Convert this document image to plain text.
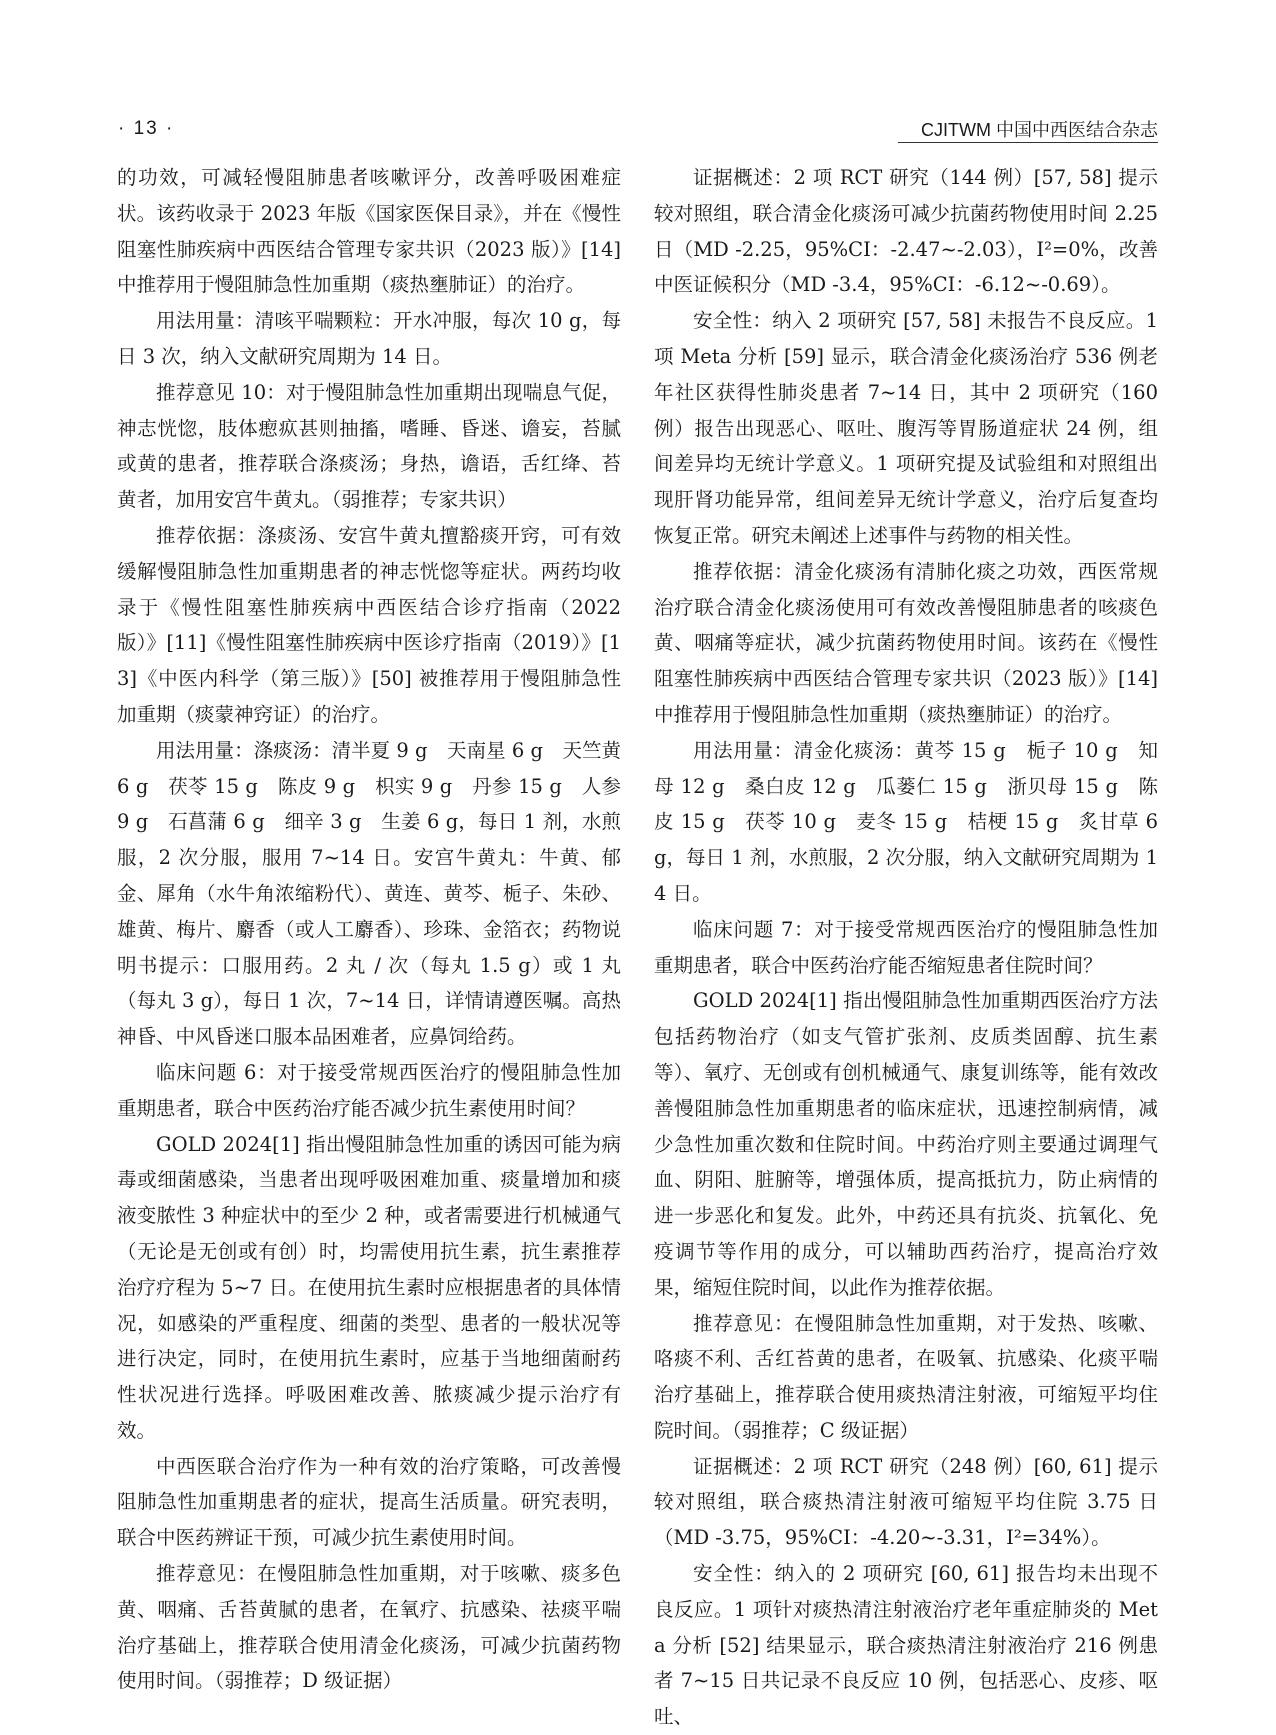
· 13 ·	CJITWM 中国中西医结合杂志

的功效，可减轻慢阻肺患者咳嗽评分，改善呼吸困难症状。该药收录于 2023 年版《国家医保目录》，并在《慢性阻塞性肺疾病中西医结合管理专家共识（2023 版）》[14] 中推荐用于慢阻肺急性加重期（痰热壅肺证）的治疗。

用法用量：清咳平喘颗粒：开水冲服，每次 10 g，每日 3 次，纳入文献研究周期为 14 日。

推荐意见 10：对于慢阻肺急性加重期出现喘息气促，神志恍惚，肢体瘛疭甚则抽搐，嗜睡、昏迷、谵妄，苔腻或黄的患者，推荐联合涤痰汤；身热，谵语，舌红绛、苔黄者，加用安宫牛黄丸。（弱推荐；专家共识）

推荐依据：涤痰汤、安宫牛黄丸擅豁痰开窍，可有效缓解慢阻肺急性加重期患者的神志恍惚等症状。两药均收录于《慢性阻塞性肺疾病中西医结合诊疗指南（2022 版）》[11]《慢性阻塞性肺疾病中医诊疗指南（2019）》[13]《中医内科学（第三版）》[50] 被推荐用于慢阻肺急性加重期（痰蒙神窍证）的治疗。

用法用量：涤痰汤：清半夏 9 g　天南星 6 g　天竺黄 6 g　茯苓 15 g　陈皮 9 g　枳实 9 g　丹参 15 g　人参 9 g　石菖蒲 6 g　细辛 3 g　生姜 6 g，每日 1 剂，水煎服，2 次分服，服用 7~14 日。安宫牛黄丸：牛黄、郁金、犀角（水牛角浓缩粉代）、黄连、黄芩、栀子、朱砂、雄黄、梅片、麝香（或人工麝香）、珍珠、金箔衣；药物说明书提示：口服用药。2 丸 / 次（每丸 1.5 g）或 1 丸（每丸 3 g），每日 1 次，7~14 日，详情请遵医嘱。高热神昏、中风昏迷口服本品困难者，应鼻饲给药。

临床问题 6：对于接受常规西医治疗的慢阻肺急性加重期患者，联合中医药治疗能否减少抗生素使用时间？

GOLD 2024[1] 指出慢阻肺急性加重的诱因可能为病毒或细菌感染，当患者出现呼吸困难加重、痰量增加和痰液变脓性 3 种症状中的至少 2 种，或者需要进行机械通气（无论是无创或有创）时，均需使用抗生素，抗生素推荐治疗疗程为 5~7 日。在使用抗生素时应根据患者的具体情况，如感染的严重程度、细菌的类型、患者的一般状况等进行决定，同时，在使用抗生素时，应基于当地细菌耐药性状况进行选择。呼吸困难改善、脓痰减少提示治疗有效。

中西医联合治疗作为一种有效的治疗策略，可改善慢阻肺急性加重期患者的症状，提高生活质量。研究表明，联合中医药辨证干预，可减少抗生素使用时间。

推荐意见：在慢阻肺急性加重期，对于咳嗽、痰多色黄、咽痛、舌苔黄腻的患者，在氧疗、抗感染、祛痰平喘治疗基础上，推荐联合使用清金化痰汤，可减少抗菌药物使用时间。（弱推荐；D 级证据）

证据概述：2 项 RCT 研究（144 例）[57, 58] 提示较对照组，联合清金化痰汤可减少抗菌药物使用时间 2.25 日（MD -2.25，95%CI：-2.47~-2.03），I²=0%，改善中医证候积分（MD -3.4，95%CI：-6.12~-0.69）。

安全性：纳入 2 项研究 [57, 58] 未报告不良反应。1 项 Meta 分析 [59] 显示，联合清金化痰汤治疗 536 例老年社区获得性肺炎患者 7~14 日，其中 2 项研究（160 例）报告出现恶心、呕吐、腹泻等胃肠道症状 24 例，组间差异均无统计学意义。1 项研究提及试验组和对照组出现肝肾功能异常，组间差异无统计学意义，治疗后复查均恢复正常。研究未阐述上述事件与药物的相关性。

推荐依据：清金化痰汤有清肺化痰之功效，西医常规治疗联合清金化痰汤使用可有效改善慢阻肺患者的咳痰色黄、咽痛等症状，减少抗菌药物使用时间。该药在《慢性阻塞性肺疾病中西医结合管理专家共识（2023 版）》[14] 中推荐用于慢阻肺急性加重期（痰热壅肺证）的治疗。

用法用量：清金化痰汤：黄芩 15 g　栀子 10 g　知母 12 g　桑白皮 12 g　瓜蒌仁 15 g　浙贝母 15 g　陈皮 15 g　茯苓 10 g　麦冬 15 g　桔梗 15 g　炙甘草 6 g，每日 1 剂，水煎服，2 次分服，纳入文献研究周期为 14 日。

临床问题 7：对于接受常规西医治疗的慢阻肺急性加重期患者，联合中医药治疗能否缩短患者住院时间？

GOLD 2024[1] 指出慢阻肺急性加重期西医治疗方法包括药物治疗（如支气管扩张剂、皮质类固醇、抗生素等）、氧疗、无创或有创机械通气、康复训练等，能有效改善慢阻肺急性加重期患者的临床症状，迅速控制病情，减少急性加重次数和住院时间。中药治疗则主要通过调理气血、阴阳、脏腑等，增强体质，提高抵抗力，防止病情的进一步恶化和复发。此外，中药还具有抗炎、抗氧化、免疫调节等作用的成分，可以辅助西药治疗，提高治疗效果，缩短住院时间，以此作为推荐依据。

推荐意见：在慢阻肺急性加重期，对于发热、咳嗽、咯痰不利、舌红苔黄的患者，在吸氧、抗感染、化痰平喘治疗基础上，推荐联合使用痰热清注射液，可缩短平均住院时间。（弱推荐；C 级证据）

证据概述：2 项 RCT 研究（248 例）[60, 61] 提示较对照组，联合痰热清注射液可缩短平均住院 3.75 日（MD -3.75，95%CI：-4.20~-3.31，I²=34%）。

安全性：纳入的 2 项研究 [60, 61] 报告均未出现不良反应。1 项针对痰热清注射液治疗老年重症肺炎的 Meta 分析 [52] 结果显示，联合痰热清注射液治疗 216 例患者 7~15 日共记录不良反应 10 例，包括恶心、皮疹、呕吐、
